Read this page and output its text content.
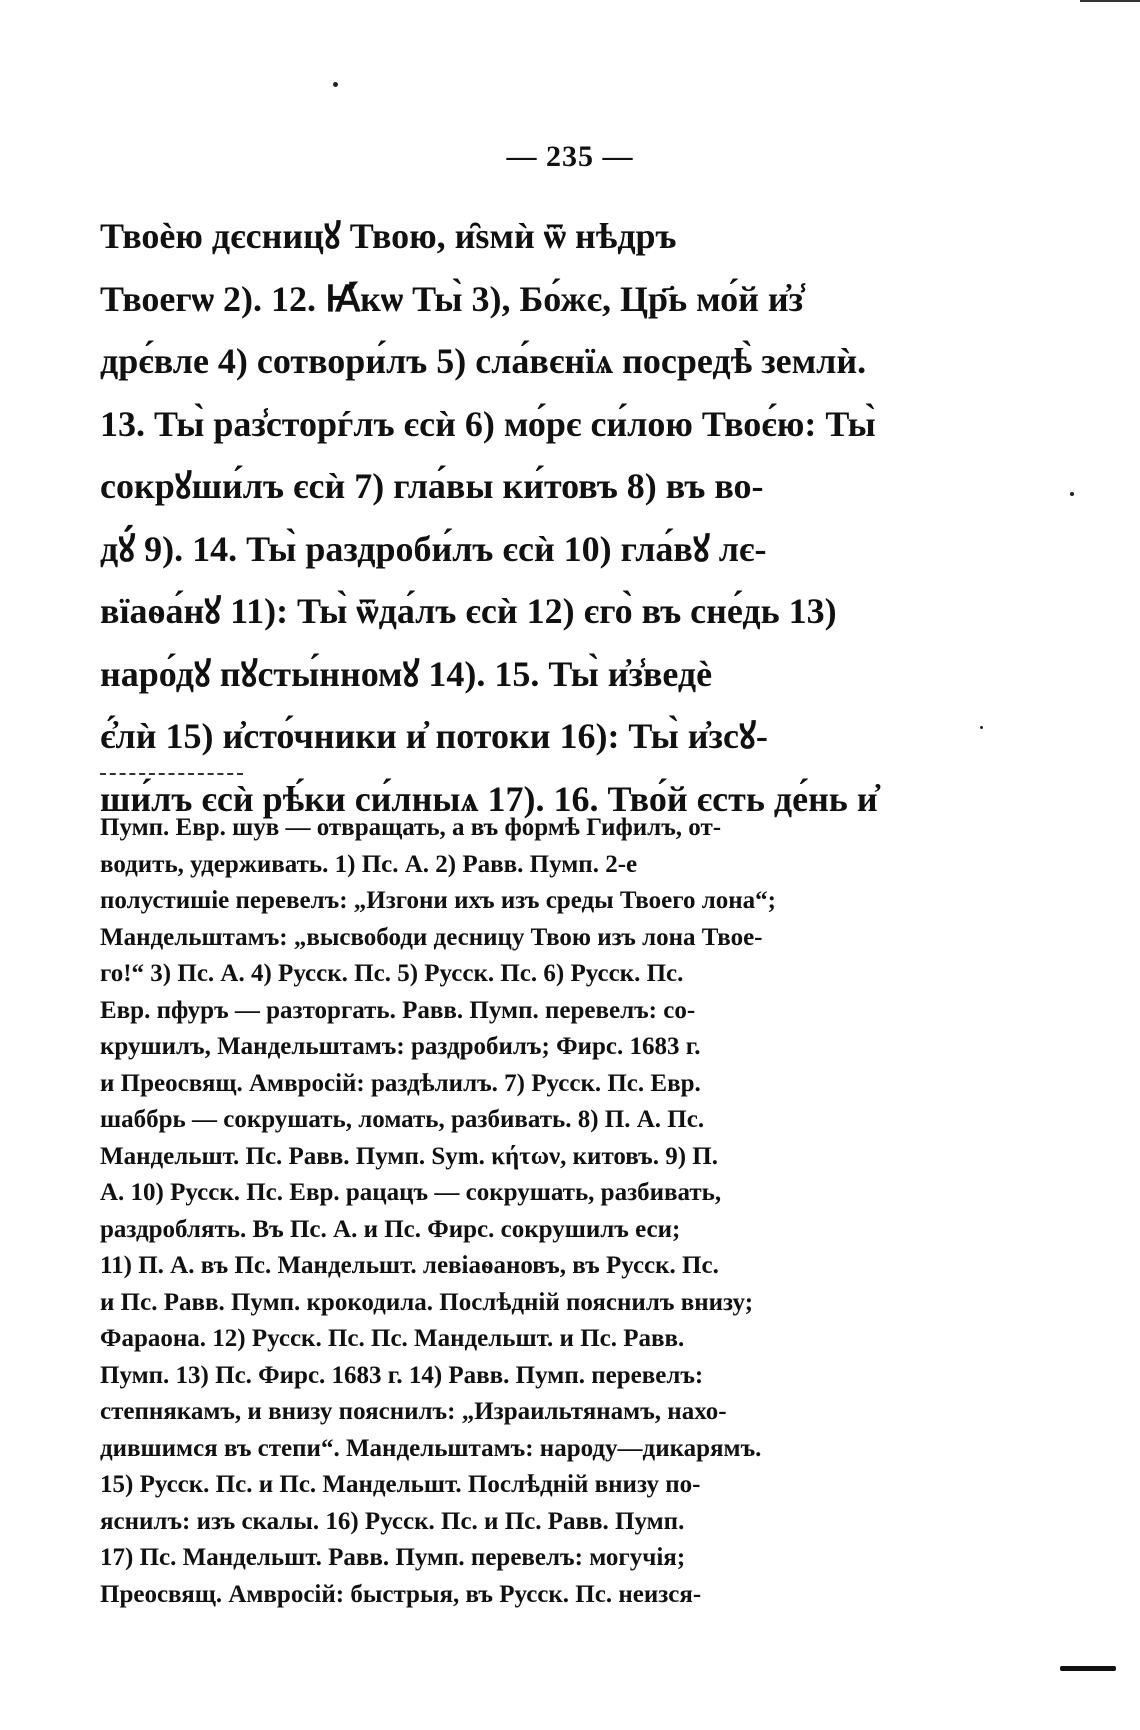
— 235 —
Твоѐю дєсницꙋ Твою, и̑ѕмѝ ѿ нѣдръ
Твоегѡ 2). 12. Ꙗ҆́кѡ Ты̀ 3), Бо́жє, Цр҃ь мо́й и҆з̾
дрє́вле 4) сотвори́лъ 5) сла́вєнїѧ посредѣ̀ землѝ.
13. Ты̀ раз̾сторѓлъ єсѝ 6) мо́рє си́лою Твоє́ю: Ты̀
сокрꙋши́лъ єсѝ 7) гла́вы ки́товъ 8) въ во-
дꙋ́ 9). 14. Ты̀ раздроби́лъ єсѝ 10) гла́вꙋ лє-
вїаѳа́нꙋ 11): Ты̀ ѿда́лъ єсѝ 12) єго̀ въ сне́дь 13)
наро́дꙋ пꙋсты́нномꙋ 14). 15. Ты̀ и҆з̾ведѐ
є҆́лѝ 15) и҆сто́чники и҆ потоки 16): Ты̀ и҆зсꙋ-
ши́лъ єсѝ рѣ́ки си́лныѧ 17). 16. Тво́й єсть де́нь и҆
Пумп. Евр. шув — отвращать, а въ формѣ Гифилъ, от-
водить, удерживать. 1) Пс. А. 2) Равв. Пумп. 2-е
полустишіе перевелъ: „Изгони ихъ изъ среды Твоего лона“;
Мандельштамъ: „высвободи десницу Твою изъ лона Твое-
го!“ 3) Пс. А. 4) Русск. Пс. 5) Русск. Пс. 6) Русск. Пс.
Евр. пфуръ — разторгать. Равв. Пумп. перевелъ: со-
крушилъ, Мандельштамъ: раздробилъ; Фирс. 1683 г.
и Преосвящ. Амвросій: раздѣлилъ. 7) Русск. Пс. Евр.
шаббрь — сокрушать, ломать, разбивать. 8) П. А. Пс.
Мандельшт. Пс. Равв. Пумп. Sym. κήτων, китовъ. 9) П.
А. 10) Русск. Пс. Евр. рацацъ — сокрушать, разбивать,
раздроблять. Въ Пс. А. и Пс. Фирс. сокрушилъ еси;
11) П. А. въ Пс. Мандельшт. левіаѳановъ, въ Русск. Пс.
и Пс. Равв. Пумп. крокодила. Послѣдній пояснилъ внизу;
Фараона. 12) Русск. Пс. Пс. Мандельшт. и Пс. Равв.
Пумп. 13) Пс. Фирс. 1683 г. 14) Равв. Пумп. перевелъ:
степнякамъ, и внизу пояснилъ: „Израильтянамъ, нахо-
дившимся въ степи“. Мандельштамъ: народу—дикарямъ.
15) Русск. Пс. и Пс. Мандельшт. Послѣдній внизу по-
яснилъ: изъ скалы. 16) Русск. Пс. и Пс. Равв. Пумп.
17) Пс. Мандельшт. Равв. Пумп. перевелъ: могучія;
Преосвящ. Амвросій: быстрыя, въ Русск. Пс. неизся-
